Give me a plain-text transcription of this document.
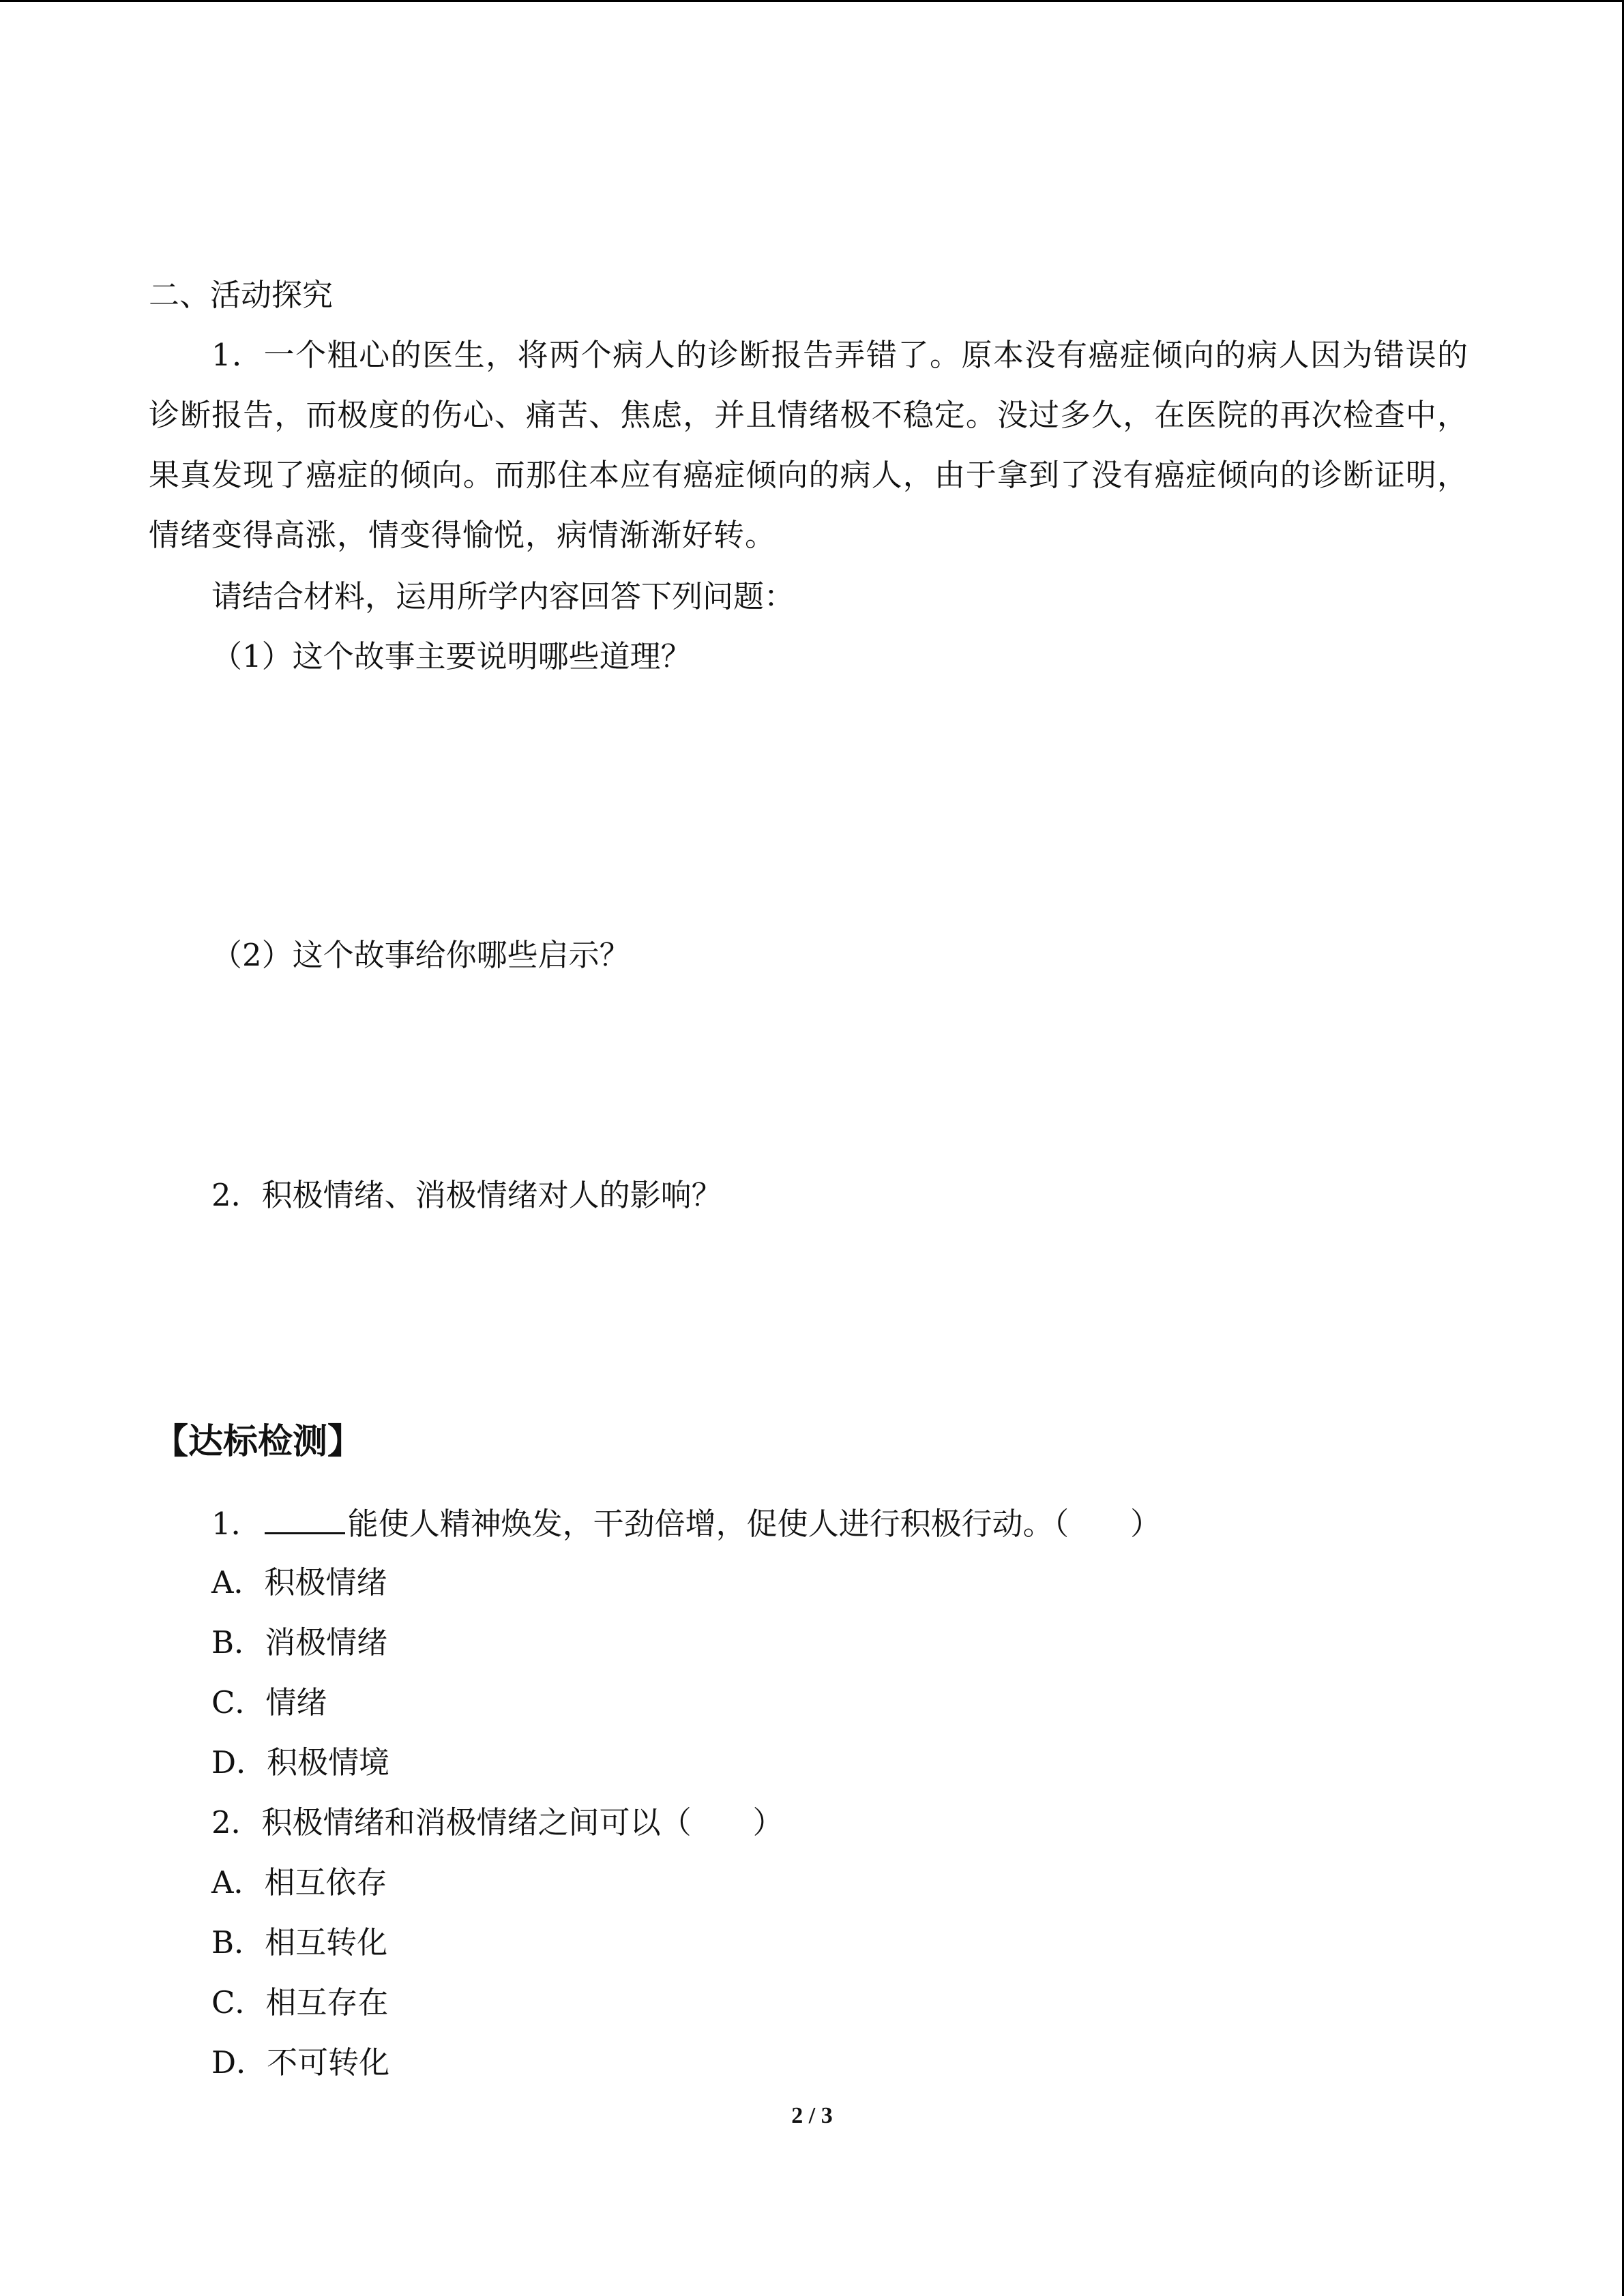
二、活动探究
1．一个粗心的医生，将两个病人的诊断报告弄错了。原本没有癌症倾向的病人因为错误的诊断报告，而极度的伤心、痛苦、焦虑，并且情绪极不稳定。没过多久，在医院的再次检查中，果真发现了癌症的倾向。而那住本应有癌症倾向的病人，由于拿到了没有癌症倾向的诊断证明，情绪变得高涨，情变得愉悦，病情渐渐好转。
请结合材料，运用所学内容回答下列问题：
（1）这个故事主要说明哪些道理？
（2）这个故事给你哪些启示？
2．积极情绪、消极情绪对人的影响？
【达标检测】
1．	能使人精神焕发，干劲倍增，促使人进行积极行动。（ ）
A．积极情绪
B．消极情绪
C．情绪
D．积极情境
2．积极情绪和消极情绪之间可以（ ）
A．相互依存
B．相互转化
C．相互存在
D．不可转化
2 / 3
